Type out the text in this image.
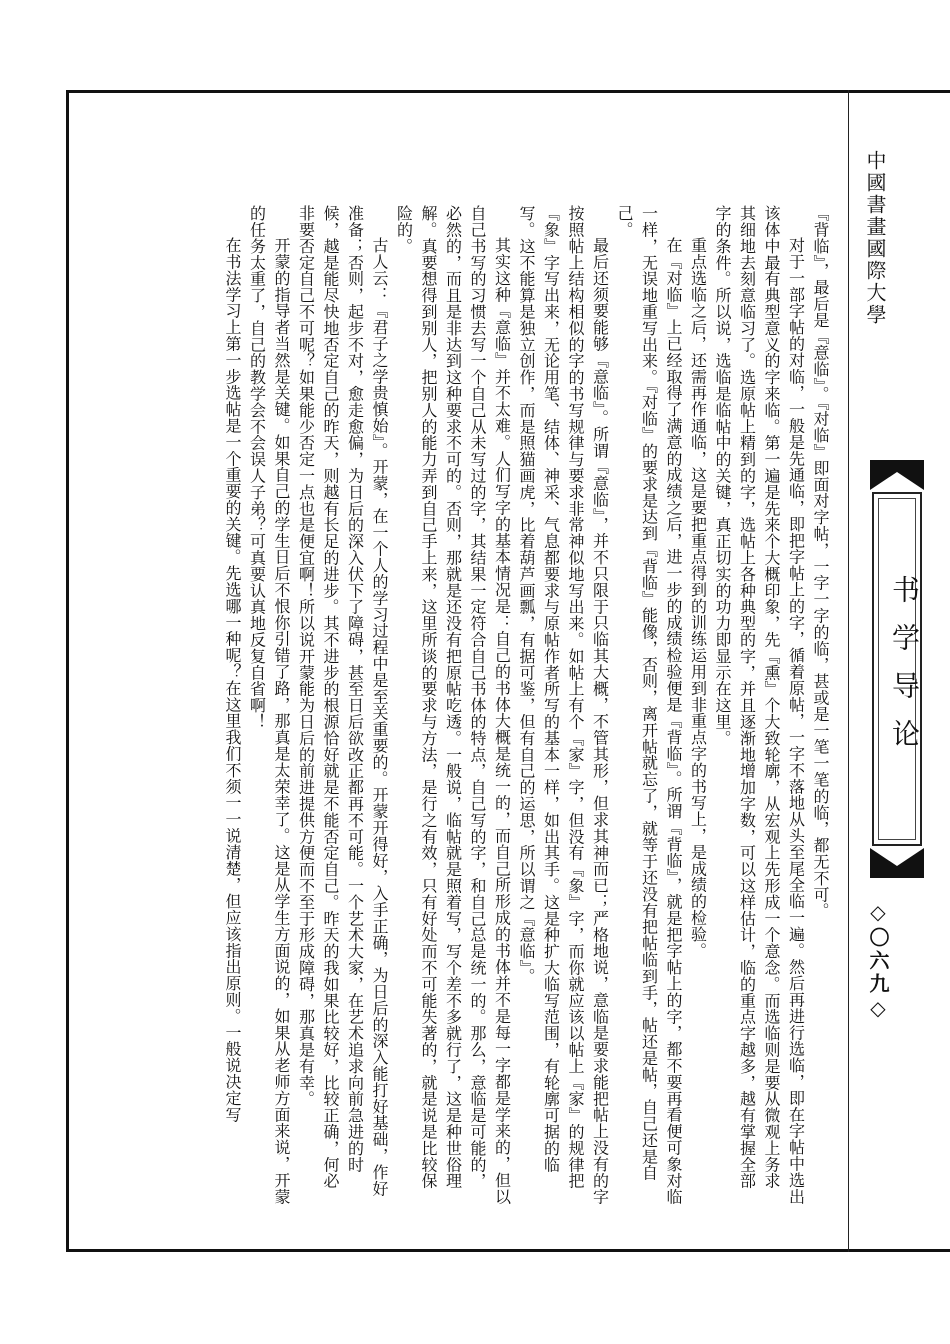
中國書畫國際大學
书学导论
◇〇六九◇

『背临』，最后是『意临』。『对临』即面对字帖，一字一字的临，甚或是一笔一笔的临，都无不可。

对于一部字帖的对临，一般是先通临，即把字帖上的字，循着原帖，一字不落地从头至尾全临一遍。然后再进行选临，即在字帖中选出该体中最有典型意义的字来临。第一遍是先来个大概印象，先『熏』个大致轮廓，从宏观上先形成一个意念。而选临则是要从微观上务求其细地去刻意临习了。选原帖上精到的字，选帖上各种典型的字，并且逐渐地增加字数，可以这样估计，临的重点字越多，越有掌握全部字的条件。所以说，选临是临帖中的关键，真正切实的功力即显示在这里。

重点选临之后，还需再作通临，这是要把重点得到的训练运用到非重点字的书写上，是成绩的检验。

在『对临』上已经取得了满意的成绩之后，进一步的成绩检验便是『背临』。所谓『背临』，就是把字帖上的字，都不要再看便可象对临一样，无误地重写出来。『对临』的要求是达到『背临』能像，否则，离开帖就忘了，就等于还没有把帖临到手，帖还是帖，自己还是自己。

最后还须要能够『意临』。所谓『意临』，并不只限于只临其大概，不管其形，但求其神而已；严格地说，意临是要求能把帖上没有的字按照帖上结构相似的字的书写规律与要求非常神似地写出来。如帖上有个『家』字，但没有『象』字，而你就应该以帖上『家』的规律把『象』字写出来，无论用笔、结体、神采、气息都要求与原帖作者所写的基本一样，如出其手。这是种扩大临写范围，有轮廓可据的临写。这不能算是独立创作，而是照猫画虎，比着葫芦画瓢，有据可鉴，但有自己的运思，所以谓之『意临』。

其实这种『意临』并不太难。人们写字的基本情况是：自己的书体大概是统一的，而自己所形成的书体并不是每一字都是学来的，但以自己书写的习惯去写一个自己从未写过的字，其结果一定符合自己书体的特点，自己写的字，和自己总是统一的。那么，意临是可能的，必然的，而且是非达到这种要求不可的。否则，那就是还没有把原帖吃透。一般说，临帖就是照着写，写个差不多就行了，这是种世俗理解。真要想得到别人，把别人的能力弄到自己手上来，这里所谈的要求与方法，是行之有效，只有好处而不可能失著的，就是说是比较保险的。

古人云：『君子之学贵慎始』。开蒙，在一个人的学习过程中是至关重要的。开蒙开得好，入手正确，为日后的深入能打好基础，作好准备；否则，起步不对，愈走愈偏，为日后的深入伏下了障碍，甚至日后欲改正都再不可能。一个艺术大家，在艺术追求向前急进的时候，越是能尽快地否定自己的昨天，则越有长足的进步。其不进步的根源恰好就是不能否定自己。昨天的我如果比较好，比较正确，何必非要否定自己不可呢？如果能少否定一点也是便宜啊！所以说开蒙能为日后的前进提供方便而不至于形成障碍，那真是有幸。

开蒙的指导者当然是关键。如果自己的学生日后不恨你引错了路，那真是太荣幸了。这是从学生方面说的，如果从老师方面来说，开蒙的任务太重了，自己的教学会不会误人子弟？可真要认真地反复自省啊！

在书法学习上第一步选帖是一个重要的关键。先选哪一种呢？在这里我们不须一一说清楚，但应该指出原则。一般说决定写
